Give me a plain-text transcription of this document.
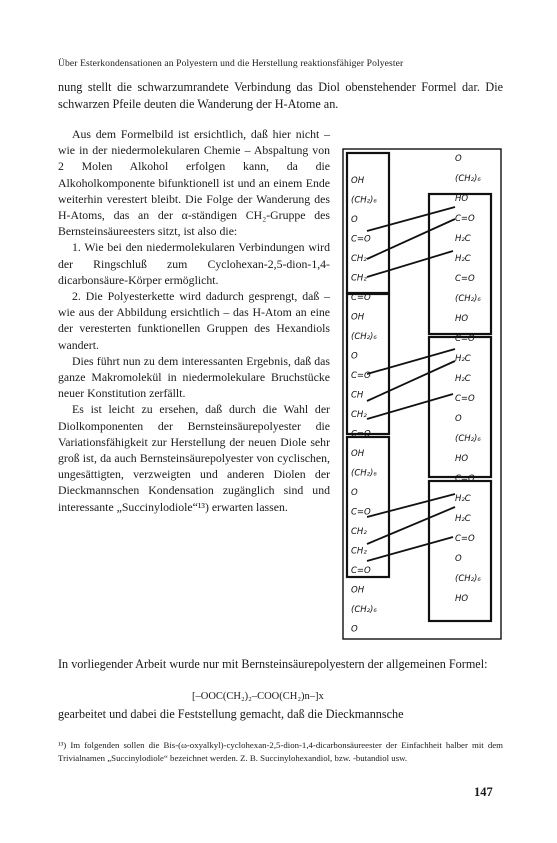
Über Esterkondensationen an Polyestern und die Herstellung reaktionsfähiger Polyester

nung stellt die schwarzumrandete Verbindung das Diol obenstehender Formel dar. Die schwarzen Pfeile deuten die Wanderung der H-Atome an.

Aus dem Formelbild ist ersichtlich, daß hier nicht – wie in der niedermolekularen Chemie – Abspaltung von 2 Molen Alkohol erfolgen kann, da die Alkoholkomponente bifunktionell ist und an einem Ende weiterhin verestert bleibt. Die Folge der Wanderung des H-Atoms, das an der α-ständigen CH₂-Gruppe des Bernsteinsäureesters sitzt, ist also die:

1. Wie bei den niedermolekularen Verbindungen wird der Ringschluß zum Cyclohexan-2,5-dion-1,4-dicarbonsäure-Körper ermöglicht.

2. Die Polyesterkette wird dadurch gesprengt, daß – wie aus der Abbildung ersichtlich – das H-Atom an eine der veresterten funktionellen Gruppen des Hexandiols wandert.

Dies führt nun zu dem interessanten Ergebnis, daß das ganze Makromolekül in niedermolekulare Bruchstücke neuer Konstitution zerfällt.

Es ist leicht zu ersehen, daß durch die Wahl der Diolkomponenten der Bernsteinsäurepolyester die Variationsfähigkeit zur Herstellung der neuen Diole sehr groß ist, da auch Bernsteinsäurepolyester von cyclischen, ungesättigten, verzweigten und anderen Diolen der Dieckmannschen Kondensation zugänglich sind und interessante „Succinylodiole“¹³) erwarten lassen.

OH
(CH₂)₆
O
C=O
CH₂
CH₂
C=O
OH
(CH₂)₆
O
C=O
CH
CH₂
C=O
OH
(CH₂)₆
O
C=O
CH₂
CH₂
C=O
OH
(CH₂)₆
O
O
(CH₂)₆
HO
C=O
H₂C
H₂C
C=O
(CH₂)₆
HO
C=O
H₂C
H₂C
C=O
O
(CH₂)₆
HO
C=O
H₂C
H₂C
C=O
O
(CH₂)₆
HO

In vorliegender Arbeit wurde nur mit Bernsteinsäurepolyestern der allgemeinen Formel:

[–OOC(CH₂)₂–COO(CH₂)n–]x

gearbeitet und dabei die Feststellung gemacht, daß die Dieckmannsche

¹³) Im folgenden sollen die Bis-(ω-oxyalkyl)-cyclohexan-2,5-dion-1,4-dicarbonsäureester der Einfachheit halber mit dem Trivialnamen „Succinylodiole“ bezeichnet werden. Z. B. Succinylohexandiol, bzw. -butandiol usw.

147
